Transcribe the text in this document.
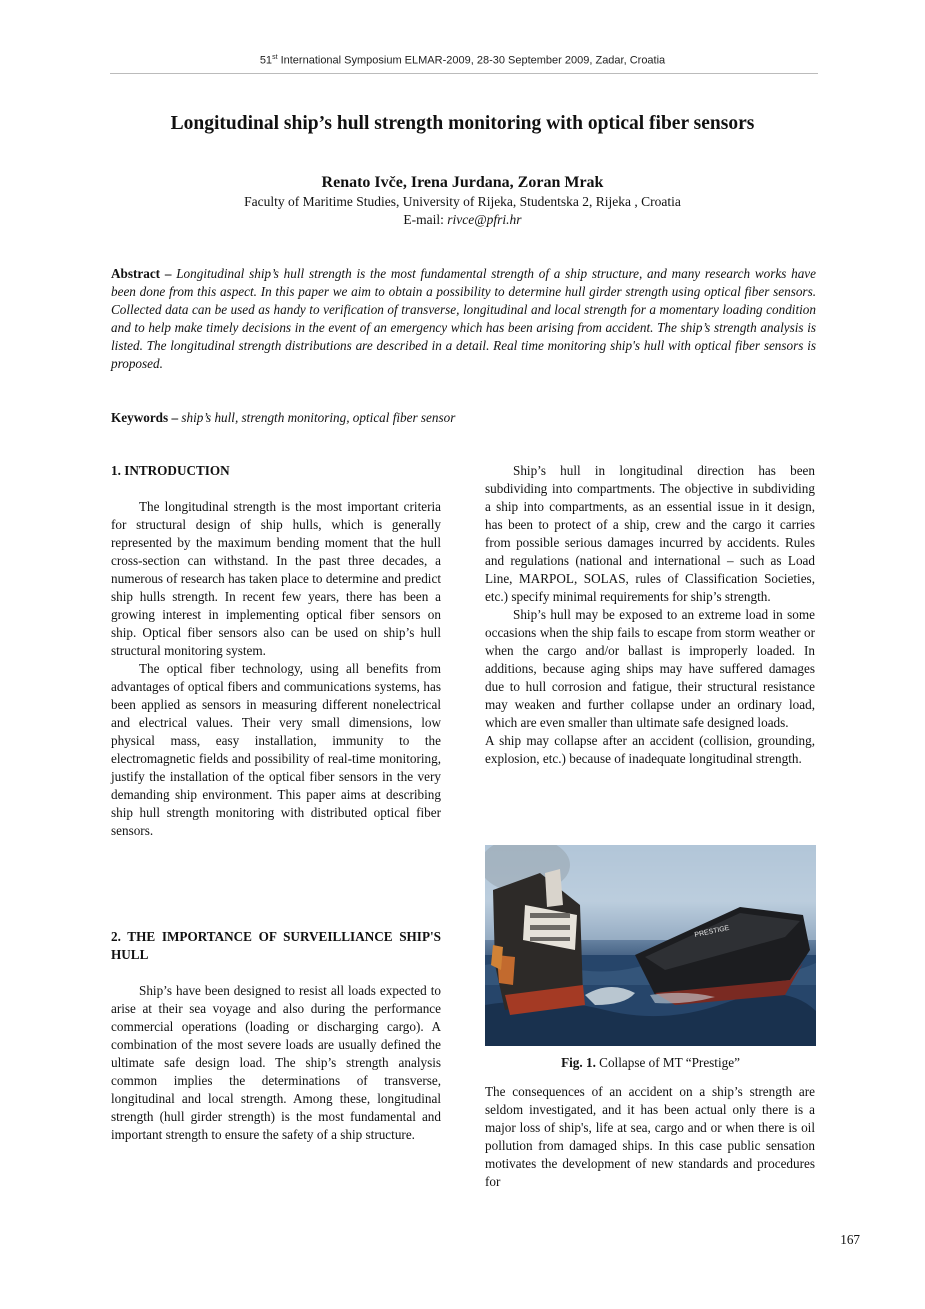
51st International Symposium ELMAR-2009, 28-30 September 2009, Zadar, Croatia
Longitudinal ship’s hull strength monitoring with optical fiber sensors
Renato Ivče, Irena Jurdana, Zoran Mrak
Faculty of Maritime Studies, University of Rijeka, Studentska 2, Rijeka , Croatia
E-mail: rivce@pfri.hr
Abstract – Longitudinal ship’s hull strength is the most fundamental strength of a ship structure, and many research works have been done from this aspect. In this paper we aim to obtain a possibility to determine hull girder strength using optical fiber sensors. Collected data can be used as handy to verification of transverse, longitudinal and local strength for a momentary loading condition and to help make timely decisions in the event of an emergency which has been arising from accident. The ship’s strength analysis is listed. The longitudinal strength distributions are described in a detail. Real time monitoring ship's hull with optical fiber sensors is proposed.
Keywords – ship’s hull, strength monitoring, optical fiber sensor
1. INTRODUCTION

The longitudinal strength is the most important criteria for structural design of ship hulls, which is generally represented by the maximum bending moment that the hull cross-section can withstand. In the past three decades, a numerous of research has taken place to determine and predict ship hulls strength. In recent few years, there has been a growing interest in implementing optical fiber sensors on ship. Optical fiber sensors also can be used on ship’s hull structural monitoring system.

The optical fiber technology, using all benefits from advantages of optical fibers and communications systems, has been applied as sensors in measuring different nonelectrical and electrical values. Their very small dimensions, low physical mass, easy installation, immunity to the electromagnetic fields and possibility of real-time monitoring, justify the installation of the optical fiber sensors in the very demanding ship environment. This paper aims at describing ship hull strength monitoring with distributed optical fiber sensors.

2. THE IMPORTANCE OF SURVEILLIANCE SHIP'S HULL

Ship’s have been designed to resist all loads expected to arise at their sea voyage and also during the performance commercial operations (loading or discharging cargo). A combination of the most severe loads are usually defined the ultimate safe design load. The ship’s strength analysis common implies the determinations of transverse, longitudinal and local strength. Among these, longitudinal strength (hull girder strength) is the most fundamental and important strength to ensure the safety of a ship structure.

Ship’s hull in longitudinal direction has been subdividing into compartments. The objective in subdividing a ship into compartments, as an essential issue in it design, has been to protect of a ship, crew and the cargo it carries from possible serious damages incurred by accidents. Rules and regulations (national and international – such as Load Line, MARPOL, SOLAS, rules of Classification Societies, etc.) specify minimal requirements for ship’s strength.

Ship’s hull may be exposed to an extreme load in some occasions when the ship fails to escape from storm weather or when the cargo and/or ballast is improperly loaded. In additions, because aging ships may have suffered damages due to hull corrosion and fatigue, their structural resistance may weaken and further collapse under an ordinary load, which are even smaller than ultimate safe designed loads.

A ship may collapse after an accident (collision, grounding, explosion, etc.) because of inadequate longitudinal strength.

PRESTIGE
Fig. 1. Collapse of MT “Prestige”

The consequences of an accident on a ship’s strength are seldom investigated, and it has been actual only there is a major loss of ship's, life at sea, cargo and or when there is oil pollution from damaged ships. In this case public sensation motivates the development of new standards and procedures for

167
